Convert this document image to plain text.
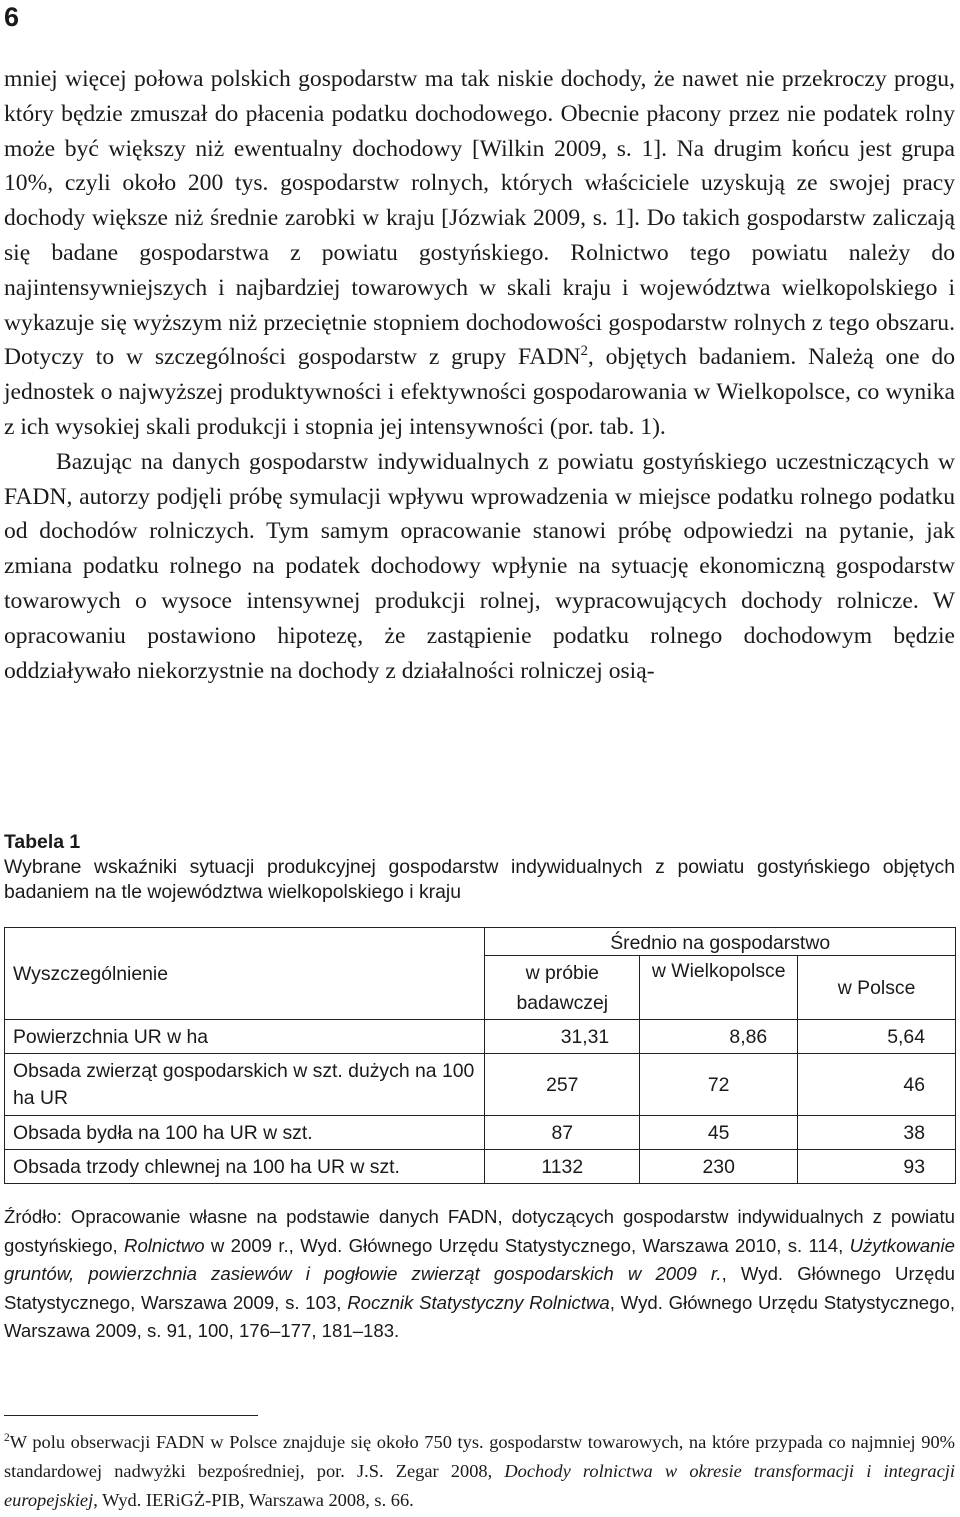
6

mniej więcej połowa polskich gospodarstw ma tak niskie dochody, że nawet nie przekroczy progu, który będzie zmuszał do płacenia podatku dochodowego. Obecnie płacony przez nie podatek rolny może być większy niż ewentualny dochodowy [Wilkin 2009, s. 1]. Na drugim końcu jest grupa 10%, czyli około 200 tys. gospodarstw rolnych, których właściciele uzyskują ze swojej pracy dochody większe niż średnie zarobki w kraju [Józwiak 2009, s. 1]. Do takich gospodarstw zaliczają się badane gospodarstwa z powiatu gostyńskiego. Rolnictwo tego powiatu należy do najintensywniejszych i najbardziej towarowych w skali kraju i województwa wielkopolskiego i wykazuje się wyższym niż przeciętnie stopniem dochodowości gospodarstw rolnych z tego obszaru. Dotyczy to w szczególności gospodarstw z grupy FADN$^2$, objętych badaniem. Należą one do jednostek o najwyższej produktywności i efektywności gospodarowania w Wielkopolsce, co wynika z ich wysokiej skali produkcji i stopnia jej intensywności (por. tab. 1).

Bazując na danych gospodarstw indywidualnych z powiatu gostyńskiego uczestniczących w FADN, autorzy podjęli próbę symulacji wpływu wprowadzenia w miejsce podatku rolnego podatku od dochodów rolniczych. Tym samym opracowanie stanowi próbę odpowiedzi na pytanie, jak zmiana podatku rolnego na podatek dochodowy wpłynie na sytuację ekonomiczną gospodarstw towarowych o wysoce intensywnej produkcji rolnej, wypracowujących dochody rolnicze. W opracowaniu postawiono hipotezę, że zastąpienie podatku rolnego dochodowym będzie oddziaływało niekorzystnie na dochody z działalności rolniczej osią-

Tabela 1
Wybrane wskaźniki sytuacji produkcyjnej gospodarstw indywidualnych z powiatu gostyńskiego objętych badaniem na tle województwa wielkopolskiego i kraju
Wyszczególnienie	Średnio na gospodarstwo		
	w próbie badawczej	w Wielkopolsce	w Polsce
Powierzchnia UR w ha	31,31	8,86	5,64
Obsada zwierząt gospodarskich w szt. dużych na 100 ha UR	257	72	46
Obsada bydła na 100 ha UR w szt.	87	45	38
Obsada trzody chlewnej na 100 ha UR w szt.	1132	230	93
Źródło: Opracowanie własne na podstawie danych FADN, dotyczących gospodarstw indywidualnych z powiatu gostyńskiego, Rolnictwo w 2009 r., Wyd. Głównego Urzędu Statystycznego, Warszawa 2010, s. 114, Użytkowanie gruntów, powierzchnia zasiewów i pogłowie zwierząt gospodarskich w 2009 r., Wyd. Głównego Urzędu Statystycznego, Warszawa 2009, s. 103, Rocznik Statystyczny Rolnictwa, Wyd. Głównego Urzędu Statystycznego, Warszawa 2009, s. 91, 100, 176–177, 181–183.
$^2$W polu obserwacji FADN w Polsce znajduje się około 750 tys. gospodarstw towarowych, na które przypada co najmniej 90% standardowej nadwyżki bezpośredniej, por. J.S. Zegar 2008, Dochody rolnictwa w okresie transformacji i integracji europejskiej, Wyd. IERiGŻ-PIB, Warszawa 2008, s. 66.
